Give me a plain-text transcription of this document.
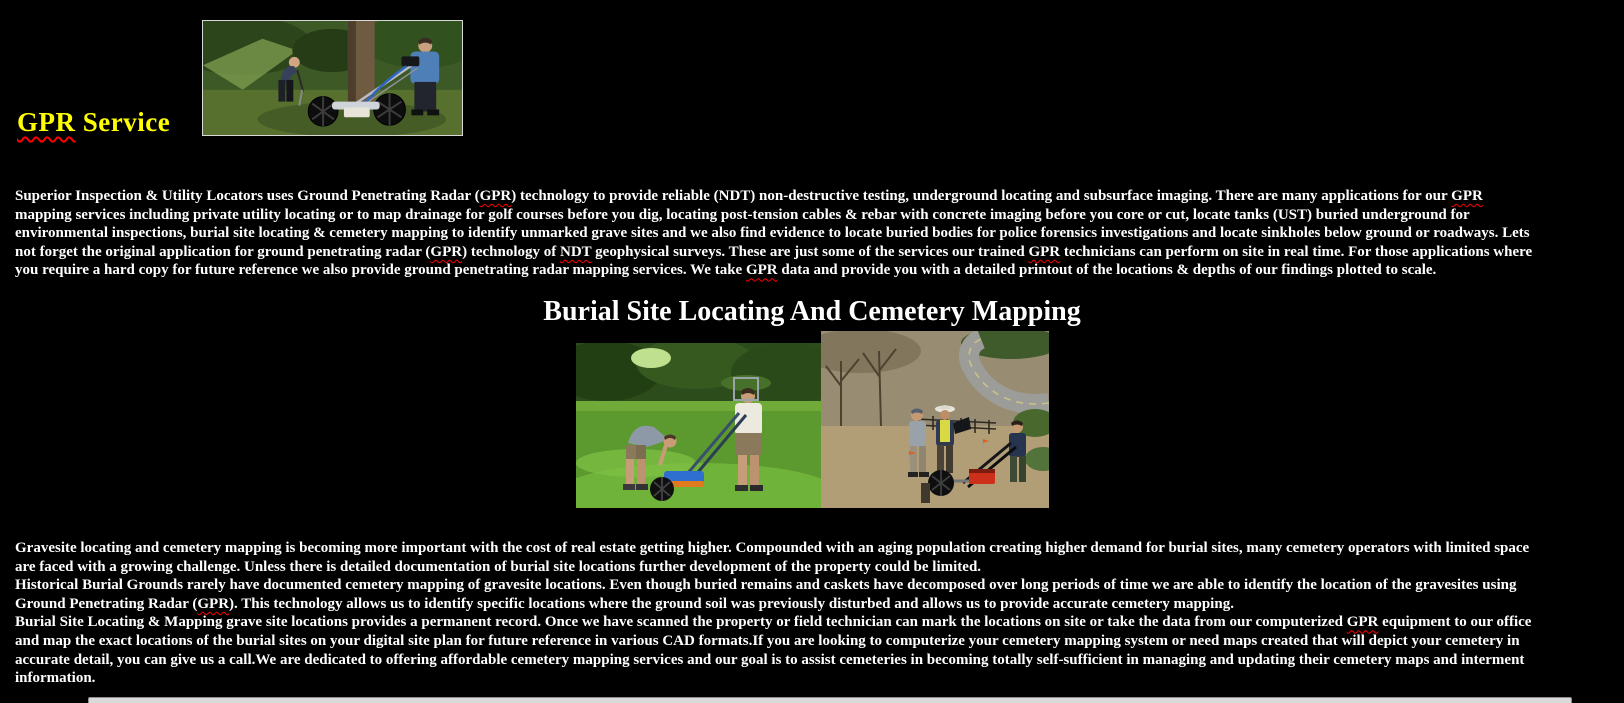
GPR Service

Superior Inspection & Utility Locators uses Ground Penetrating Radar (GPR) technology to provide reliable (NDT) non-destructive testing, underground locating and subsurface imaging. There are many applications for our GPR mapping services including private utility locating or to map drainage for golf courses before you dig, locating post-tension cables & rebar with concrete imaging before you core or cut, locate tanks (UST) buried underground for environmental inspections, burial site locating & cemetery mapping to identify unmarked grave sites and we also find evidence to locate buried bodies for police forensics investigations and locate sinkholes below ground or roadways. Lets not forget the original application for ground penetrating radar (GPR) technology of NDT geophysical surveys. These are just some of the services our trained GPR technicians can perform on site in real time. For those applications where you require a hard copy for future reference we also provide ground penetrating radar mapping services. We take GPR data and provide you with a detailed printout of the locations & depths of our findings plotted to scale.

Burial Site Locating And Cemetery Mapping

Gravesite locating and cemetery mapping is becoming more important with the cost of real estate getting higher. Compounded with an aging population creating higher demand for burial sites, many cemetery operators with limited space are faced with a growing challenge. Unless there is detailed documentation of burial site locations further development of the property could be limited.

Historical Burial Grounds rarely have documented cemetery mapping of gravesite locations. Even though buried remains and caskets have decomposed over long periods of time we are able to identify the location of the gravesites using Ground Penetrating Radar (GPR). This technology allows us to identify specific locations where the ground soil was previously disturbed and allows us to provide accurate cemetery mapping.

Burial Site Locating & Mapping grave site locations provides a permanent record. Once we have scanned the property or field technician can mark the locations on site or take the data from our computerized GPR equipment to our office and map the exact locations of the burial sites on your digital site plan for future reference in various CAD formats.If you are looking to computerize your cemetery mapping system or need maps created that will depict your cemetery in accurate detail, you can give us a call.We are dedicated to offering affordable cemetery mapping services and our goal is to assist cemeteries in becoming totally self-sufficient in managing and updating their cemetery maps and interment information.
